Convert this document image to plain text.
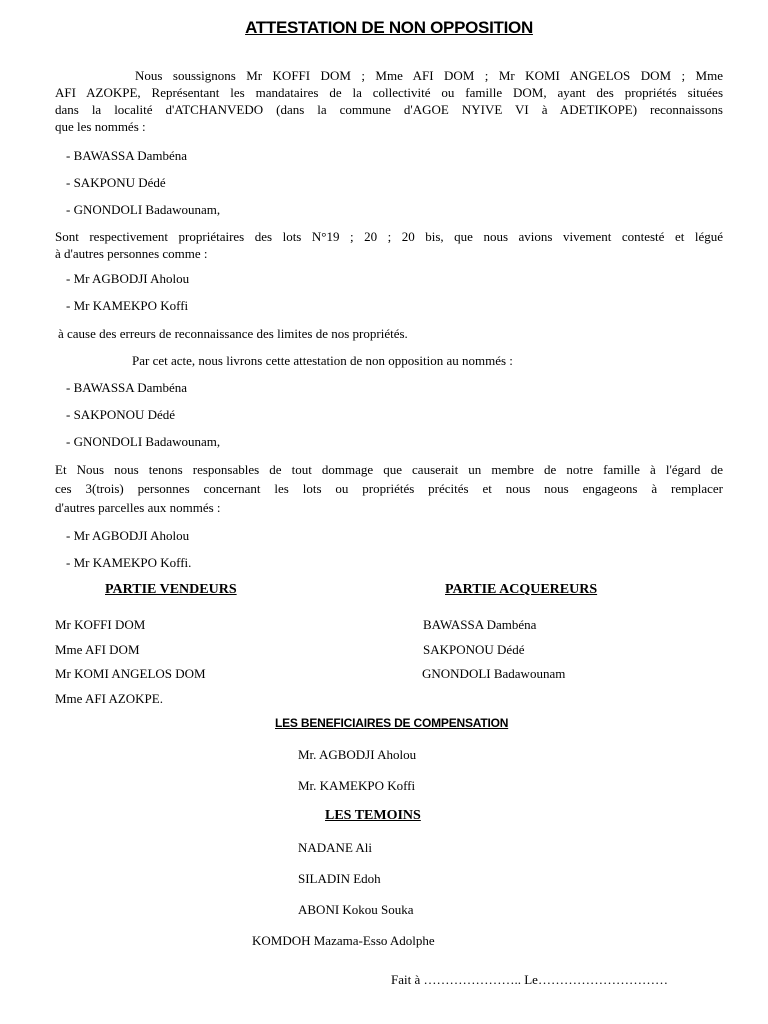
ATTESTATION DE NON OPPOSITION
Nous soussignons Mr KOFFI DOM ; Mme AFI DOM ; Mr KOMI ANGELOS DOM ; Mme
AFI AZOKPE, Représentant les mandataires de la collectivité ou famille DOM, ayant des propriétés situées
dans la localité d'ATCHANVEDO (dans la commune d'AGOE NYIVE VI à ADETIKOPE) reconnaissons
que les nommés :
- BAWASSA Dambéna
- SAKPONU Dédé
- GNONDOLI Badawounam,
Sont respectivement propriétaires des lots N°19 ; 20 ; 20 bis, que nous avions vivement contesté et légué
à d'autres personnes comme :
- Mr AGBODJI Aholou
- Mr KAMEKPO Koffi
à cause des erreurs de reconnaissance des limites de nos propriétés.
Par cet acte, nous livrons cette attestation de non opposition au nommés :
- BAWASSA Dambéna
- SAKPONOU Dédé
- GNONDOLI Badawounam,
Et Nous nous tenons responsables de tout dommage que causerait un membre de notre famille à l'égard de
ces 3(trois) personnes concernant les lots ou propriétés précités et nous nous engageons à remplacer
d'autres parcelles aux nommés :
- Mr AGBODJI Aholou
- Mr KAMEKPO Koffi.
PARTIE VENDEURS	PARTIE ACQUEREURS
Mr KOFFI DOM
Mme AFI DOM
Mr KOMI ANGELOS DOM
Mme AFI AZOKPE.
BAWASSA Dambéna
SAKPONOU Dédé
GNONDOLI Badawounam
LES BENEFICIAIRES DE COMPENSATION
Mr. AGBODJI Aholou
Mr. KAMEKPO Koffi
LES TEMOINS
NADANE Ali
SILADIN Edoh
ABONI Kokou Souka
KOMDOH Mazama-Esso Adolphe
Fait à ………………….. Le…………………………
